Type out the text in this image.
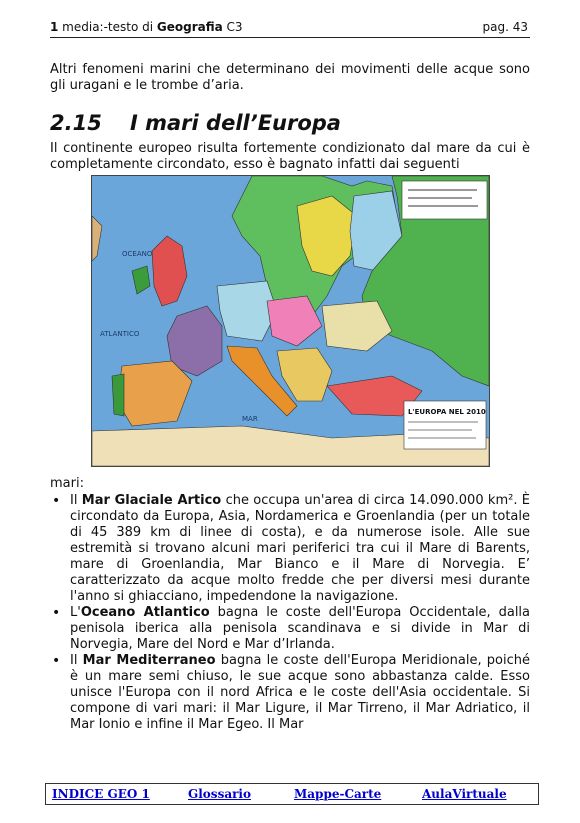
1 media:-testo di Geografia C3	pag. 43

Altri fenomeni marini che determinano dei movimenti delle acque sono gli uragani e le trombe d’aria.

2.15 I mari dell’Europa

Il continente europeo risulta fortemente condizionato dal mare da cui è completamente circondato, esso è bagnato infatti dai seguenti

L'EUROPA NEL 2010
OCEANO
ATLANTICO
MAR

mari:

• Il Mar Glaciale Artico che occupa un'area di circa 14.090.000 km². È circondato da Europa, Asia, Nordamerica e Groenlandia (per un totale di 45 389 km di linee di costa), e da numerose isole. Alle sue estremità si trovano alcuni mari periferici tra cui il Mare di Barents, mare di Groenlandia, Mar Bianco e il Mare di Norvegia. E’ caratterizzato da acque molto fredde che per diversi mesi durante l'anno si ghiacciano, impedendone la navigazione.
• L'Oceano Atlantico bagna le coste dell'Europa Occidentale, dalla penisola iberica alla penisola scandinava e si divide in Mar di Norvegia, Mare del Nord e Mar d’Irlanda.
• Il Mar Mediterraneo bagna le coste dell'Europa Meridionale, poiché è un mare semi chiuso, le sue acque sono abbastanza calde. Esso unisce l'Europa con il nord Africa e le coste dell'Asia occidentale. Si compone di vari mari: il Mar Ligure, il Mar Tirreno, il Mar Adriatico, il Mar Ionio e infine il Mar Egeo. Il Mar
INDICE GEO 1	Glossario	Mappe-Carte	AulaVirtuale
